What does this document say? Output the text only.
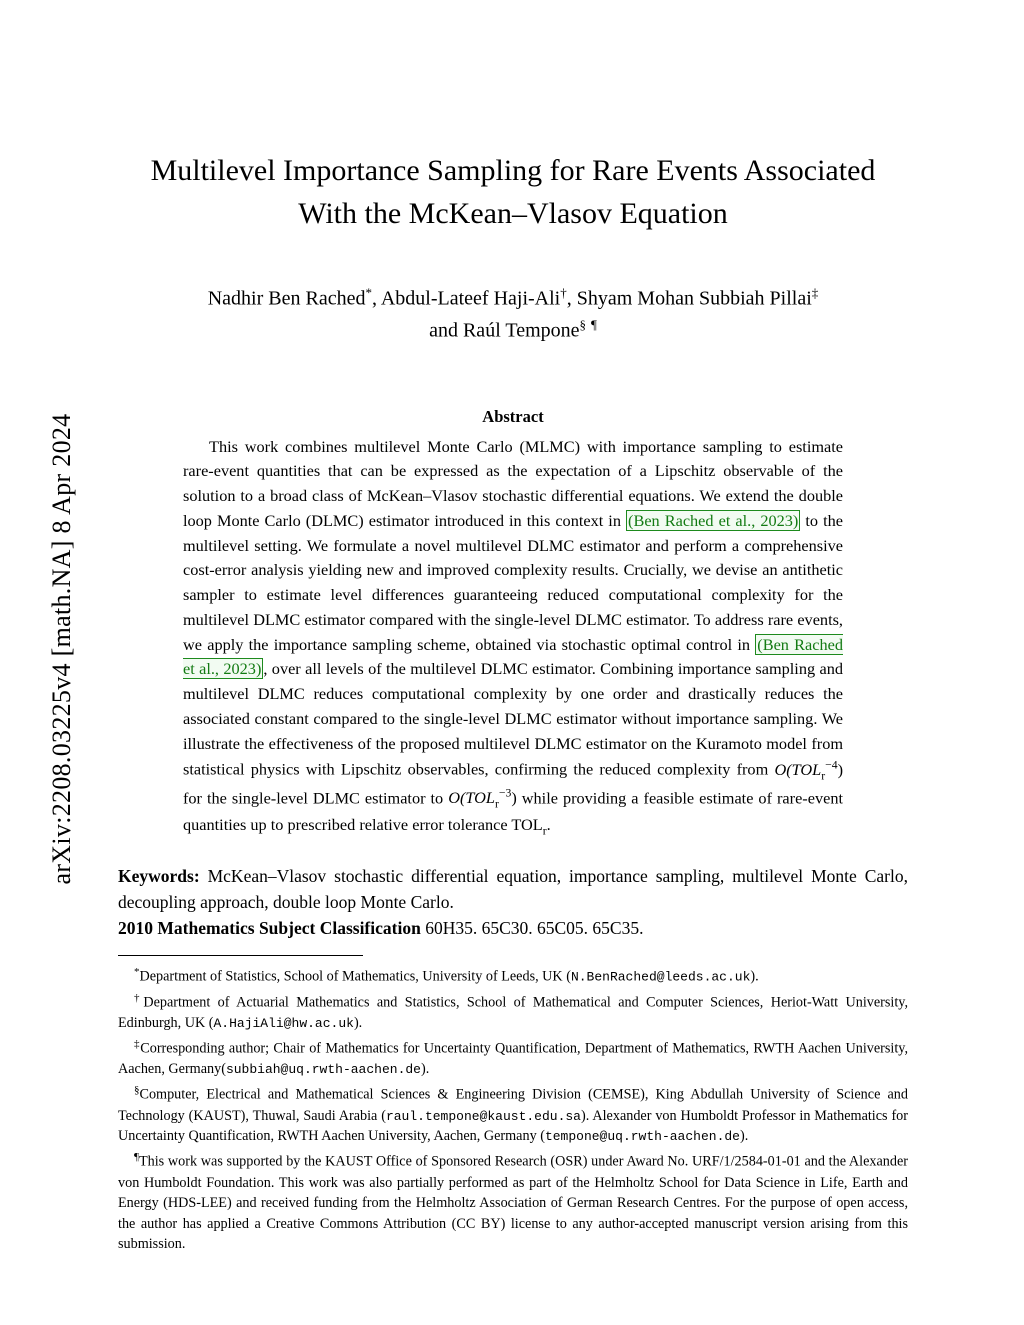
arXiv:2208.03225v4 [math.NA] 8 Apr 2024
Multilevel Importance Sampling for Rare Events Associated
With the McKean–Vlasov Equation
Nadhir Ben Rached*, Abdul-Lateef Haji-Ali†, Shyam Mohan Subbiah Pillai‡
and Raúl Tempone§ ¶
Abstract
This work combines multilevel Monte Carlo (MLMC) with importance sampling to estimate rare-event quantities that can be expressed as the expectation of a Lipschitz observable of the solution to a broad class of McKean–Vlasov stochastic differential equations. We extend the double loop Monte Carlo (DLMC) estimator introduced in this context in (Ben Rached et al., 2023) to the multilevel setting. We formulate a novel multilevel DLMC estimator and perform a comprehensive cost-error analysis yielding new and improved complexity results. Crucially, we devise an antithetic sampler to estimate level differences guaranteeing reduced computational complexity for the multilevel DLMC estimator compared with the single-level DLMC estimator. To address rare events, we apply the importance sampling scheme, obtained via stochastic optimal control in (Ben Rached et al., 2023) , over all levels of the multilevel DLMC estimator. Combining importance sampling and multilevel DLMC reduces computational complexity by one order and drastically reduces the associated constant compared to the single-level DLMC estimator without importance sampling. We illustrate the effectiveness of the proposed multilevel DLMC estimator on the Kuramoto model from statistical physics with Lipschitz observables, confirming the reduced complexity from $O(TOL_r^{-4})$ for the single-level DLMC estimator to $O(TOL_r^{-3})$ while providing a feasible estimate of rare-event quantities up to prescribed relative error tolerance $TOL_r$.
Keywords: McKean–Vlasov stochastic differential equation, importance sampling, multilevel Monte Carlo, decoupling approach, double loop Monte Carlo.
2010 Mathematics Subject Classification 60H35. 65C30. 65C05. 65C35.

*Department of Statistics, School of Mathematics, University of Leeds, UK (N.BenRached@leeds.ac.uk).

†Department of Actuarial Mathematics and Statistics, School of Mathematical and Computer Sciences, Heriot-Watt University, Edinburgh, UK (A.HajiAli@hw.ac.uk).

‡Corresponding author; Chair of Mathematics for Uncertainty Quantification, Department of Mathematics, RWTH Aachen University, Aachen, Germany(subbiah@uq.rwth-aachen.de).

§Computer, Electrical and Mathematical Sciences & Engineering Division (CEMSE), King Abdullah University of Science and Technology (KAUST), Thuwal, Saudi Arabia (raul.tempone@kaust.edu.sa). Alexander von Humboldt Professor in Mathematics for Uncertainty Quantification, RWTH Aachen University, Aachen, Germany (tempone@uq.rwth-aachen.de).

¶This work was supported by the KAUST Office of Sponsored Research (OSR) under Award No. URF/1/2584-01-01 and the Alexander von Humboldt Foundation. This work was also partially performed as part of the Helmholtz School for Data Science in Life, Earth and Energy (HDS-LEE) and received funding from the Helmholtz Association of German Research Centres. For the purpose of open access, the author has applied a Creative Commons Attribution (CC BY) license to any author-accepted manuscript version arising from this submission.
